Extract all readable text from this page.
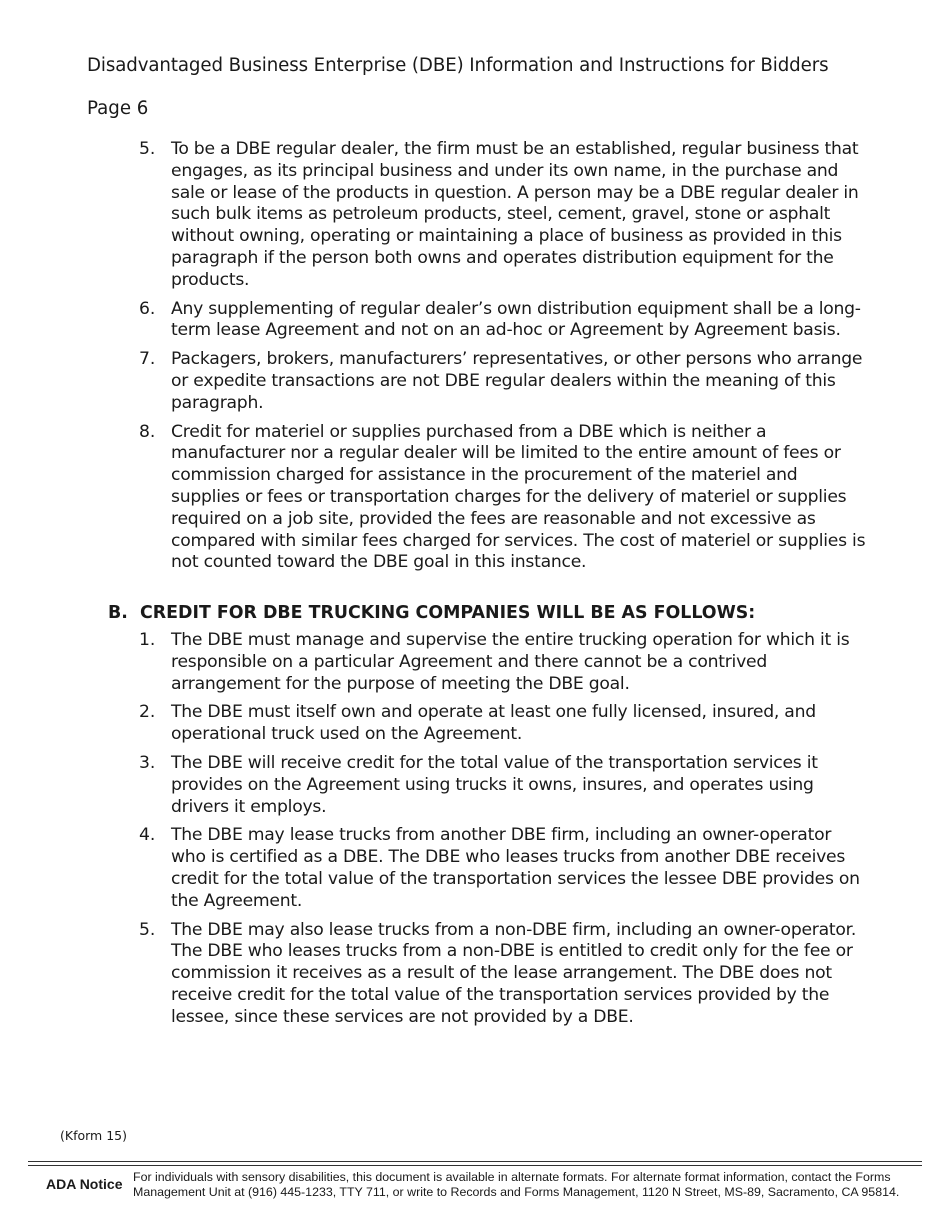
Disadvantaged Business Enterprise (DBE) Information and Instructions for Bidders
Page 6
5. To be a DBE regular dealer, the firm must be an established, regular business that engages, as its principal business and under its own name, in the purchase and sale or lease of the products in question. A person may be a DBE regular dealer in such bulk items as petroleum products, steel, cement, gravel, stone or asphalt without owning, operating or maintaining a place of business as provided in this paragraph if the person both owns and operates distribution equipment for the products.
6. Any supplementing of regular dealer’s own distribution equipment shall be a long-term lease Agreement and not on an ad-hoc or Agreement by Agreement basis.
7. Packagers, brokers, manufacturers’ representatives, or other persons who arrange or expedite transactions are not DBE regular dealers within the meaning of this paragraph.
8. Credit for materiel or supplies purchased from a DBE which is neither a manufacturer nor a regular dealer will be limited to the entire amount of fees or commission charged for assistance in the procurement of the materiel and supplies or fees or transportation charges for the delivery of materiel or supplies required on a job site, provided the fees are reasonable and not excessive as compared with similar fees charged for services. The cost of materiel or supplies is not counted toward the DBE goal in this instance.
B. CREDIT FOR DBE TRUCKING COMPANIES WILL BE AS FOLLOWS:
1. The DBE must manage and supervise the entire trucking operation for which it is responsible on a particular Agreement and there cannot be a contrived arrangement for the purpose of meeting the DBE goal.
2. The DBE must itself own and operate at least one fully licensed, insured, and operational truck used on the Agreement.
3. The DBE will receive credit for the total value of the transportation services it provides on the Agreement using trucks it owns, insures, and operates using drivers it employs.
4. The DBE may lease trucks from another DBE firm, including an owner-operator who is certified as a DBE. The DBE who leases trucks from another DBE receives credit for the total value of the transportation services the lessee DBE provides on the Agreement.
5. The DBE may also lease trucks from a non-DBE firm, including an owner-operator. The DBE who leases trucks from a non-DBE is entitled to credit only for the fee or commission it receives as a result of the lease arrangement. The DBE does not receive credit for the total value of the transportation services provided by the lessee, since these services are not provided by a DBE.
(Kform 15)
ADA Notice For individuals with sensory disabilities, this document is available in alternate formats. For alternate format information, contact the Forms Management Unit at (916) 445-1233, TTY 711, or write to Records and Forms Management, 1120 N Street, MS-89, Sacramento, CA 95814.
